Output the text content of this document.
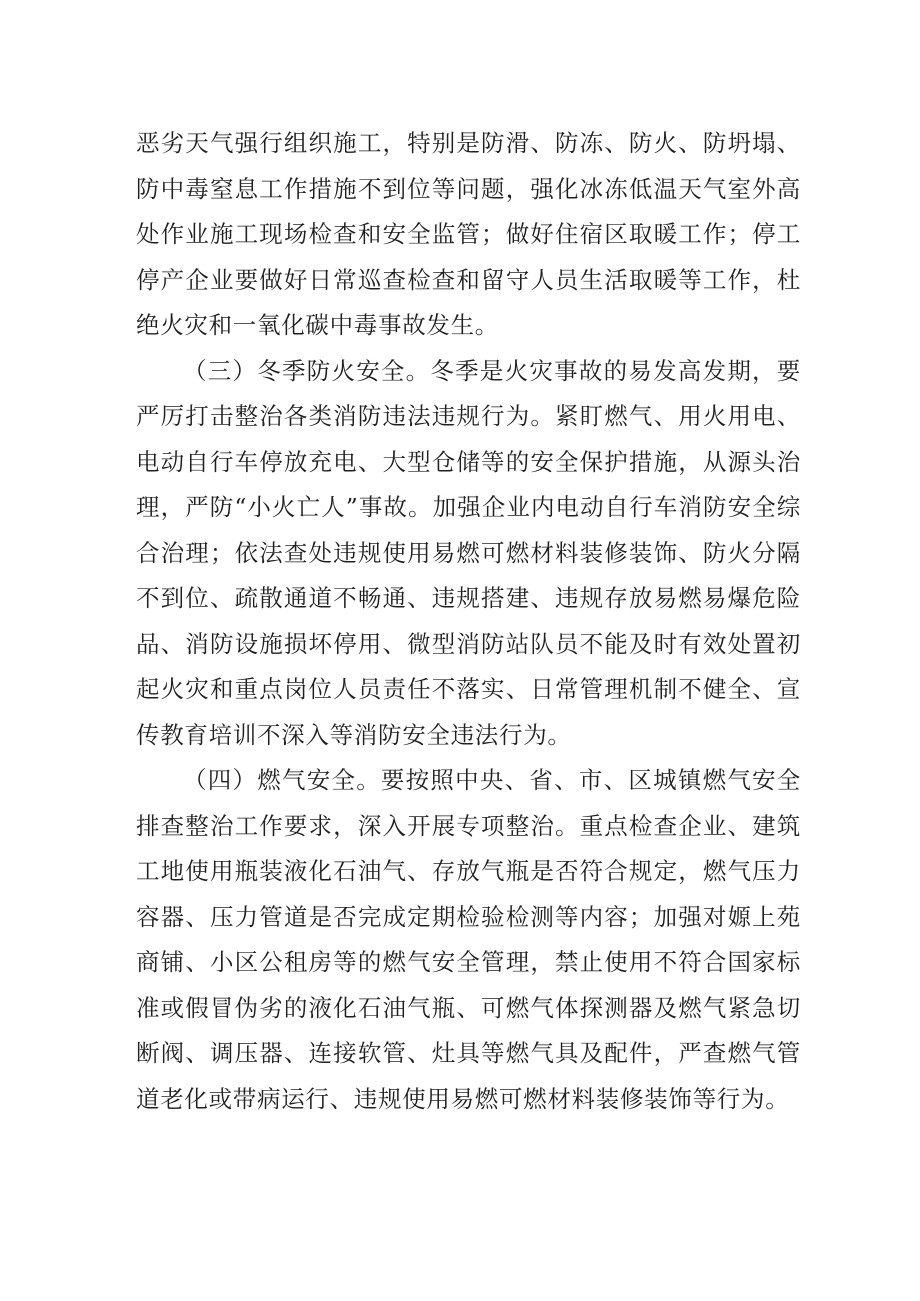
恶劣天气强行组织施工，特别是防滑、防冻、防火、防坍塌、防中毒窒息工作措施不到位等问题，强化冰冻低温天气室外高处作业施工现场检查和安全监管；做好住宿区取暖工作；停工停产企业要做好日常巡查检查和留守人员生活取暖等工作，杜绝火灾和一氧化碳中毒事故发生。

（三）冬季防火安全。冬季是火灾事故的易发高发期，要严厉打击整治各类消防违法违规行为。紧盯燃气、用火用电、电动自行车停放充电、大型仓储等的安全保护措施，从源头治理，严防“小火亡人”事故。加强企业内电动自行车消防安全综合治理；依法查处违规使用易燃可燃材料装修装饰、防火分隔不到位、疏散通道不畅通、违规搭建、违规存放易燃易爆危险品、消防设施损坏停用、微型消防站队员不能及时有效处置初起火灾和重点岗位人员责任不落实、日常管理机制不健全、宣传教育培训不深入等消防安全违法行为。

（四）燃气安全。要按照中央、省、市、区城镇燃气安全排查整治工作要求，深入开展专项整治。重点检查企业、建筑工地使用瓶装液化石油气、存放气瓶是否符合规定，燃气压力容器、压力管道是否完成定期检验检测等内容；加强对嫄上苑商铺、小区公租房等的燃气安全管理，禁止使用不符合国家标准或假冒伪劣的液化石油气瓶、可燃气体探测器及燃气紧急切断阀、调压器、连接软管、灶具等燃气具及配件，严查燃气管道老化或带病运行、违规使用易燃可燃材料装修装饰等行为。
